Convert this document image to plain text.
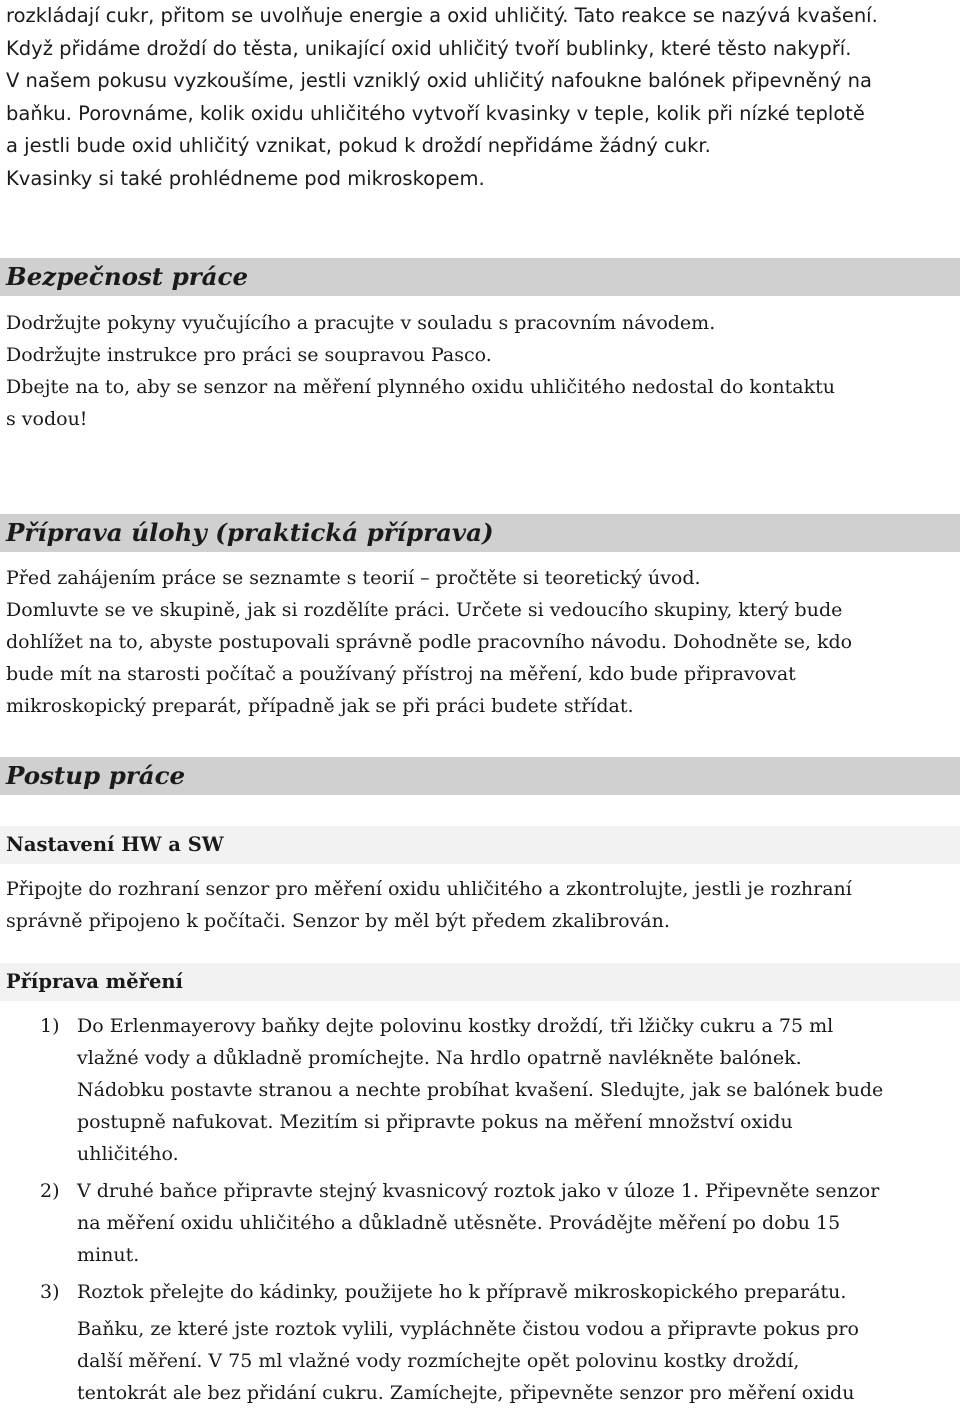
rozkládají cukr, přitom se uvolňuje energie a oxid uhličitý. Tato reakce se nazývá kvašení.

Když přidáme droždí do těsta, unikající oxid uhličitý tvoří bublinky, které těsto nakypří.

V našem pokusu vyzkoušíme, jestli vzniklý oxid uhličitý nafoukne balónek připevněný na

baňku. Porovnáme, kolik oxidu uhličitého vytvoří kvasinky v teple, kolik při nízké teplotě

a jestli bude oxid uhličitý vznikat, pokud k droždí nepřidáme žádný cukr.

Kvasinky si také prohlédneme pod mikroskopem.

Bezpečnost práce

Dodržujte pokyny vyučujícího a pracujte v souladu s pracovním návodem.

Dodržujte instrukce pro práci se soupravou Pasco.

Dbejte na to, aby se senzor na měření plynného oxidu uhličitého nedostal do kontaktu

s vodou!

Příprava úlohy (praktická příprava)

Před zahájením práce se seznamte s teorií – pročtěte si teoretický úvod.

Domluvte se ve skupině, jak si rozdělíte práci. Určete si vedoucího skupiny, který bude

dohlížet na to, abyste postupovali správně podle pracovního návodu. Dohodněte se, kdo

bude mít na starosti počítač a používaný přístroj na měření, kdo bude připravovat

mikroskopický preparát, případně jak se při práci budete střídat.

Postup práce
Nastavení HW a SW

Připojte do rozhraní senzor pro měření oxidu uhličitého a zkontrolujte, jestli je rozhraní

správně připojeno k počítači. Senzor by měl být předem zkalibrován.

Příprava měření
1) Do Erlenmayerovy baňky dejte polovinu kostky droždí, tři lžičky cukru a 75 ml
vlažné vody a důkladně promíchejte. Na hrdlo opatrně navlékněte balónek.
Nádobku postavte stranou a nechte probíhat kvašení. Sledujte, jak se balónek bude
postupně nafukovat. Mezitím si připravte pokus na měření množství oxidu
uhličitého.

2) V druhé baňce připravte stejný kvasnicový roztok jako v úloze 1. Připevněte senzor
na měření oxidu uhličitého a důkladně utěsněte. Provádějte měření po dobu 15
minut.

3) Roztok přelejte do kádinky, použijete ho k přípravě mikroskopického preparátu.

Baňku, ze které jste roztok vylili, vypláchněte čistou vodou a připravte pokus pro
další měření. V 75 ml vlažné vody rozmíchejte opět polovinu kostky droždí,
tentokrát ale bez přidání cukru. Zamíchejte, připevněte senzor pro měření oxidu
